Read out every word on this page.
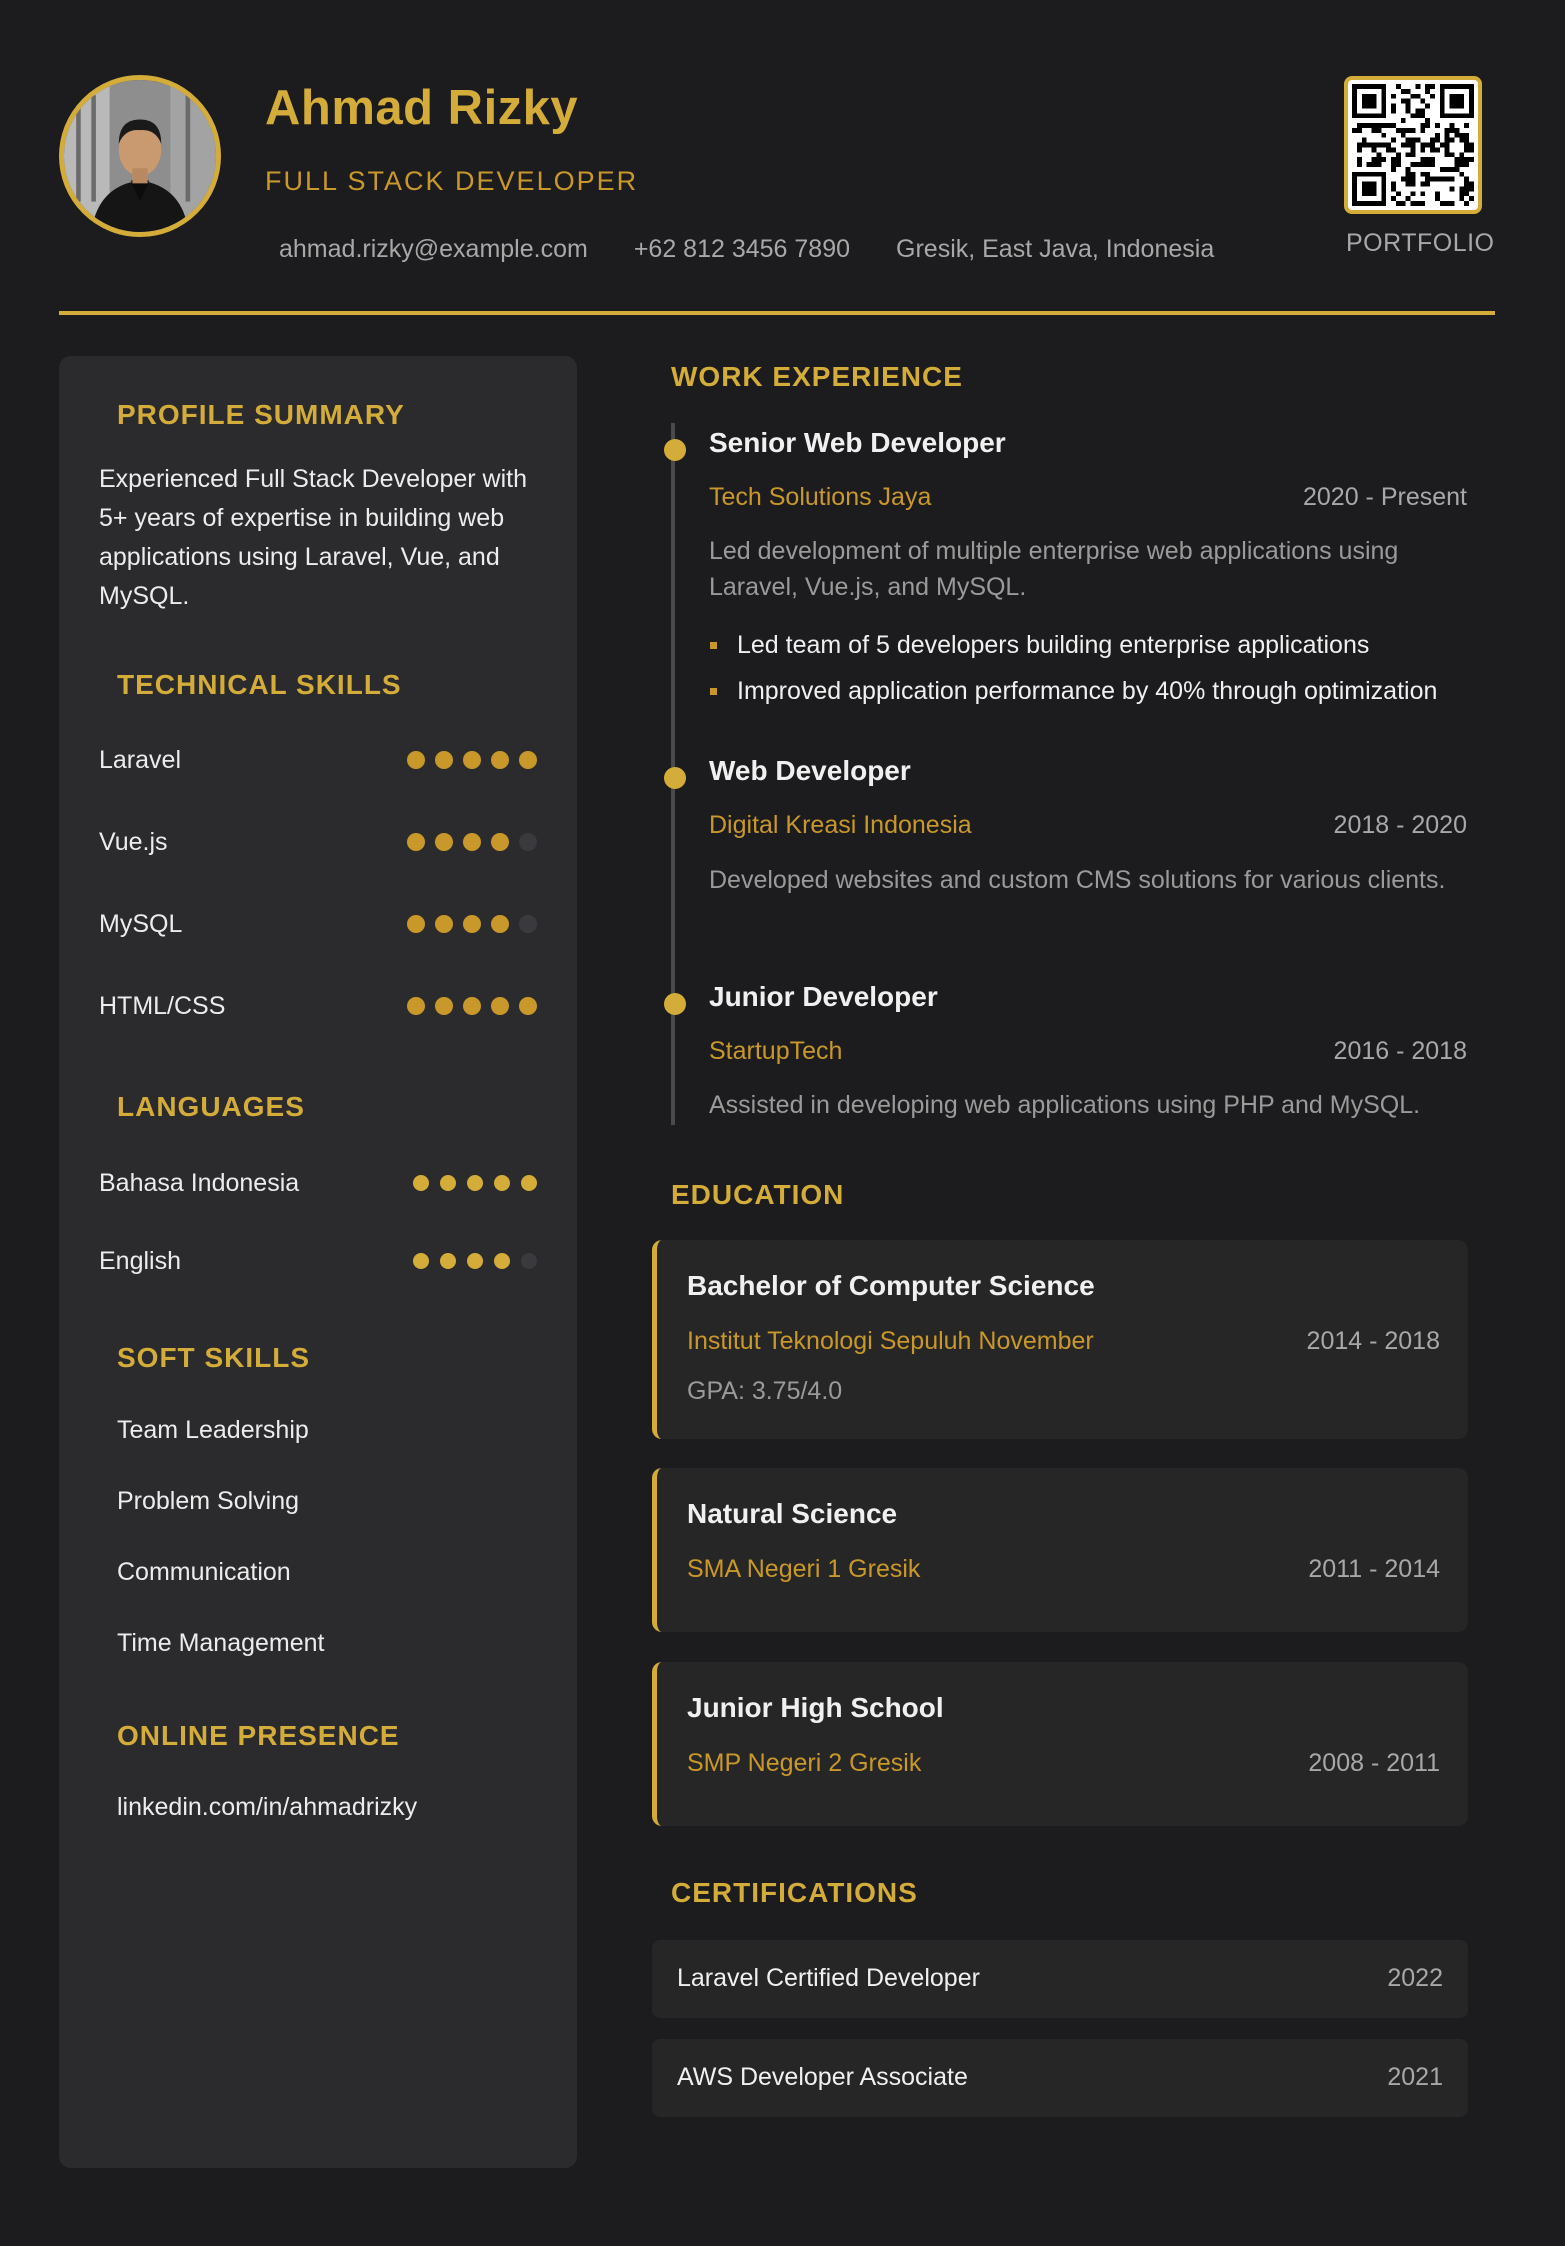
Ahmad Rizky
FULL STACK DEVELOPER
ahmad.rizky@example.com +62 812 3456 7890 Gresik, East Java, Indonesia	PORTFOLIO
PROFILE SUMMARY
Experienced Full Stack Developer with 5+ years of expertise in building web applications using Laravel, Vue, and MySQL.
TECHNICAL SKILLS
Laravel
Vue.js
MySQL
HTML/CSS
LANGUAGES
Bahasa Indonesia
English
SOFT SKILLS
Team Leadership
Problem Solving
Communication
Time Management
ONLINE PRESENCE
linkedin.com/in/ahmadrizky
WORK EXPERIENCE
Senior Web Developer
Tech Solutions Jaya	2020 - Present
Led development of multiple enterprise web applications using Laravel, Vue.js, and MySQL.
Led team of 5 developers building enterprise applications
Improved application performance by 40% through optimization
Web Developer
Digital Kreasi Indonesia	2018 - 2020
Developed websites and custom CMS solutions for various clients.
Junior Developer
StartupTech	2016 - 2018
Assisted in developing web applications using PHP and MySQL.
EDUCATION
Bachelor of Computer Science
Institut Teknologi Sepuluh November	2014 - 2018
GPA: 3.75/4.0
Natural Science
SMA Negeri 1 Gresik	2011 - 2014
Junior High School
SMP Negeri 2 Gresik	2008 - 2011
CERTIFICATIONS
Laravel Certified Developer	2022
AWS Developer Associate	2021
